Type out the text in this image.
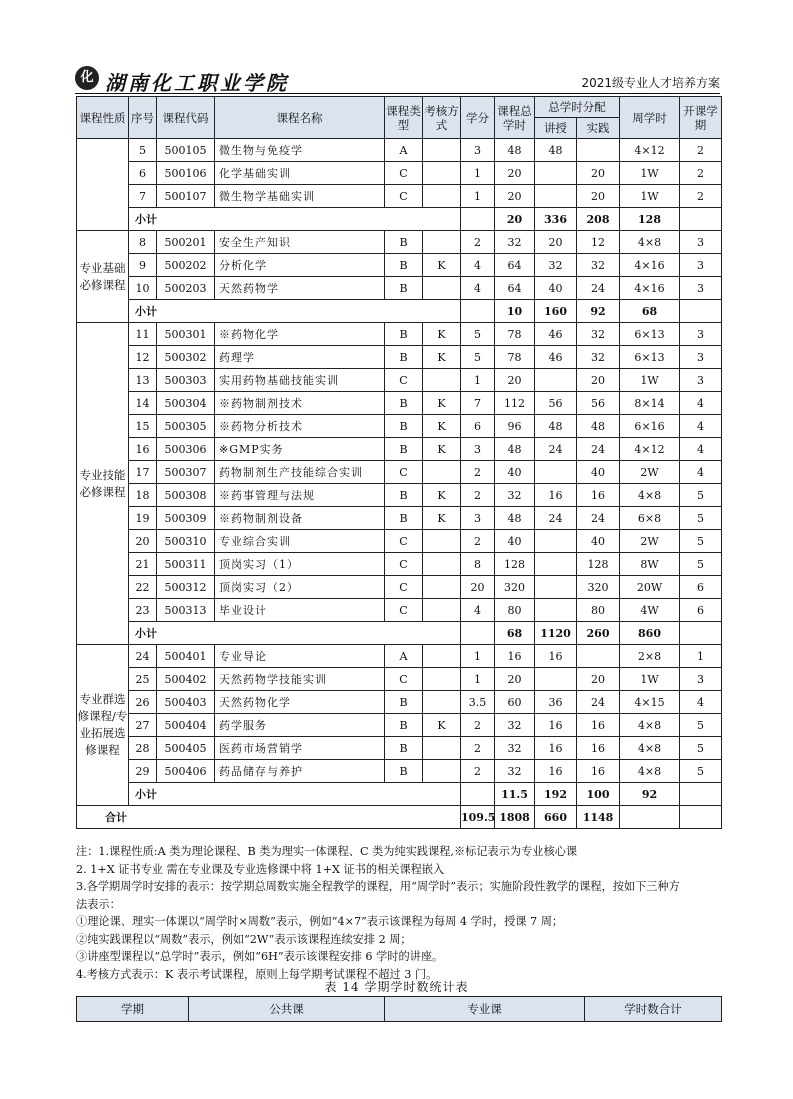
化 湖南化工职业学院	2021级专业人才培养方案
课程性质	序号	课程代码	课程名称	课程类型	考核方式	学分	课程总学时	总学时分配		周学时	开课学期	
								讲授	实践			
	5	500105	微生物与免疫学	A		3	48	48		4×12	2	
	6	500106	化学基础实训	C		1	20		20	1W	2	
	7	500107	微生物学基础实训	C		1	20		20	1W	2	
	小计						20	336	208	128		
专业基础必修课程	8	500201	安全生产知识	B		2	32	20	12	4×8	3	
	9	500202	分析化学	B	K	4	64	32	32	4×16	3	
	10	500203	天然药物学	B		4	64	40	24	4×16	3	
	小计						10	160	92	68		
专业技能必修课程	11	500301	※药物化学	B	K	5	78	46	32	6×13	3	
	12	500302	药理学	B	K	5	78	46	32	6×13	3	
	13	500303	实用药物基础技能实训	C		1	20		20	1W	3	
	14	500304	※药物制剂技术	B	K	7	112	56	56	8×14	4	
	15	500305	※药物分析技术	B	K	6	96	48	48	6×16	4	
	16	500306	※GMP实务	B	K	3	48	24	24	4×12	4	
	17	500307	药物制剂生产技能综合实训	C		2	40		40	2W	4	
	18	500308	※药事管理与法规	B	K	2	32	16	16	4×8	5	
	19	500309	※药物制剂设备	B	K	3	48	24	24	6×8	5	
	20	500310	专业综合实训	C		2	40		40	2W	5	
	21	500311	顶岗实习（1）	C		8	128		128	8W	5	
	22	500312	顶岗实习（2）	C		20	320		320	20W	6	
	23	500313	毕业设计	C		4	80		80	4W	6	
	小计						68	1120	260	860		
专业群选修课程/专业拓展选修课程	24	500401	专业导论	A		1	16	16		2×8	1	
	25	500402	天然药物学技能实训	C		1	20		20	1W	3	
	26	500403	天然药物化学	B		3.5	60	36	24	4×15	4	
	27	500404	药学服务	B	K	2	32	16	16	4×8	5	
	28	500405	医药市场营销学	B		2	32	16	16	4×8	5	
	29	500406	药品储存与养护	B		2	32	16	16	4×8	5	
	小计						11.5	192	100	92		
合计						109.5	1808	660	1148			
注：1.课程性质:A 类为理论课程、B 类为理实一体课程、C 类为纯实践课程,※标记表示为专业核心课
2. 1+X 证书专业 需在专业课及专业选修课中将 1+X 证书的相关课程嵌入
3.各学期周学时安排的表示：按学期总周数实施全程教学的课程，用“周学时”表示；实施阶段性教学的课程，按如下三种方
法表示：
①理论课、理实一体课以“周学时×周数”表示，例如“4×7”表示该课程为每周 4 学时，授课 7 周；
②纯实践课程以“周数”表示，例如“2W”表示该课程连续安排 2 周；
③讲座型课程以“总学时”表示，例如“6H”表示该课程安排 6 学时的讲座。
4.考核方式表示：K 表示考试课程，原则上每学期考试课程不超过 3 门。
表 14 学期学时数统计表
学期	公共课	专业课	学时数合计
